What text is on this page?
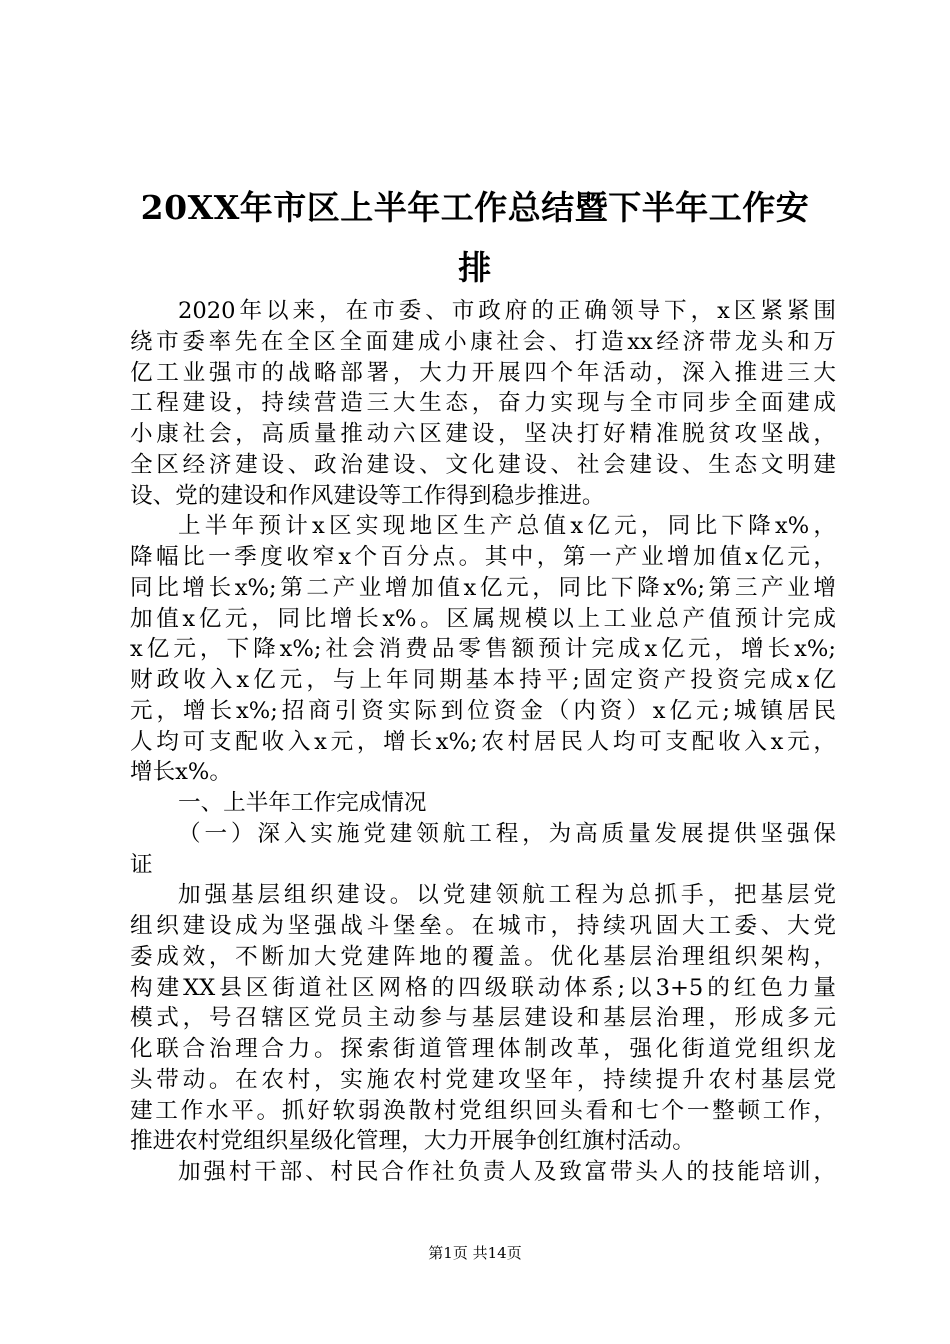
20XX年市区上半年工作总结暨下半年工作安
排
2020年以来，在市委、市政府的正确领导下，x区紧紧围
绕市委率先在全区全面建成小康社会、打造xx经济带龙头和万
亿工业强市的战略部署，大力开展四个年活动，深入推进三大
工程建设，持续营造三大生态，奋力实现与全市同步全面建成
小康社会，高质量推动六区建设，坚决打好精准脱贫攻坚战，
全区经济建设、政治建设、文化建设、社会建设、生态文明建
设、党的建设和作风建设等工作得到稳步推进。
上半年预计x区实现地区生产总值x亿元，同比下降x%，
降幅比一季度收窄x个百分点。其中，第一产业增加值x亿元，
同比增长x%;第二产业增加值x亿元，同比下降x%;第三产业增
加值x亿元，同比增长x%。区属规模以上工业总产值预计完成
x亿元，下降x%;社会消费品零售额预计完成x亿元，增长x%;
财政收入x亿元，与上年同期基本持平;固定资产投资完成x亿
元，增长x%;招商引资实际到位资金（内资）x亿元;城镇居民
人均可支配收入x元，增长x%;农村居民人均可支配收入x元，
增长x%。
一、上半年工作完成情况
（一）深入实施党建领航工程，为高质量发展提供坚强保
证
加强基层组织建设。以党建领航工程为总抓手，把基层党
组织建设成为坚强战斗堡垒。在城市，持续巩固大工委、大党
委成效，不断加大党建阵地的覆盖。优化基层治理组织架构，
构建XX县区街道社区网格的四级联动体系;以3+5的红色力量
模式，号召辖区党员主动参与基层建设和基层治理，形成多元
化联合治理合力。探索街道管理体制改革，强化街道党组织龙
头带动。在农村，实施农村党建攻坚年，持续提升农村基层党
建工作水平。抓好软弱涣散村党组织回头看和七个一整顿工作，
推进农村党组织星级化管理，大力开展争创红旗村活动。
加强村干部、村民合作社负责人及致富带头人的技能培训，
第1页 共14页
